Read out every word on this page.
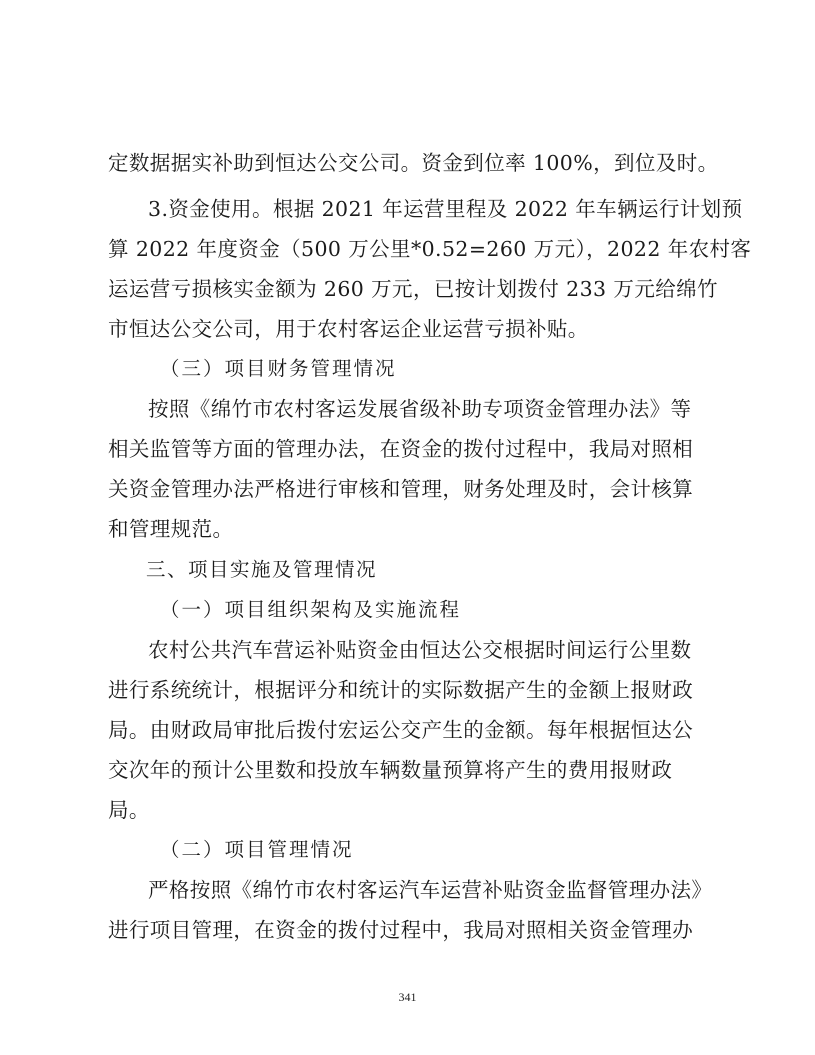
定数据据实补助到恒达公交公司。资金到位率 100%，到位及时。
3.资金使用。根据 2021 年运营里程及 2022 年车辆运行计划预
算 2022 年度资金（500 万公里*0.52=260 万元），2022 年农村客
运运营亏损核实金额为 260 万元，已按计划拨付 233 万元给绵竹
市恒达公交公司，用于农村客运企业运营亏损补贴。
（三）项目财务管理情况
按照《绵竹市农村客运发展省级补助专项资金管理办法》等
相关监管等方面的管理办法，在资金的拨付过程中，我局对照相
关资金管理办法严格进行审核和管理，财务处理及时，会计核算
和管理规范。
三、项目实施及管理情况
（一）项目组织架构及实施流程
农村公共汽车营运补贴资金由恒达公交根据时间运行公里数
进行系统统计，根据评分和统计的实际数据产生的金额上报财政
局。由财政局审批后拨付宏运公交产生的金额。每年根据恒达公
交次年的预计公里数和投放车辆数量预算将产生的费用报财政
局。
（二）项目管理情况
严格按照《绵竹市农村客运汽车运营补贴资金监督管理办法》
进行项目管理，在资金的拨付过程中，我局对照相关资金管理办
341
